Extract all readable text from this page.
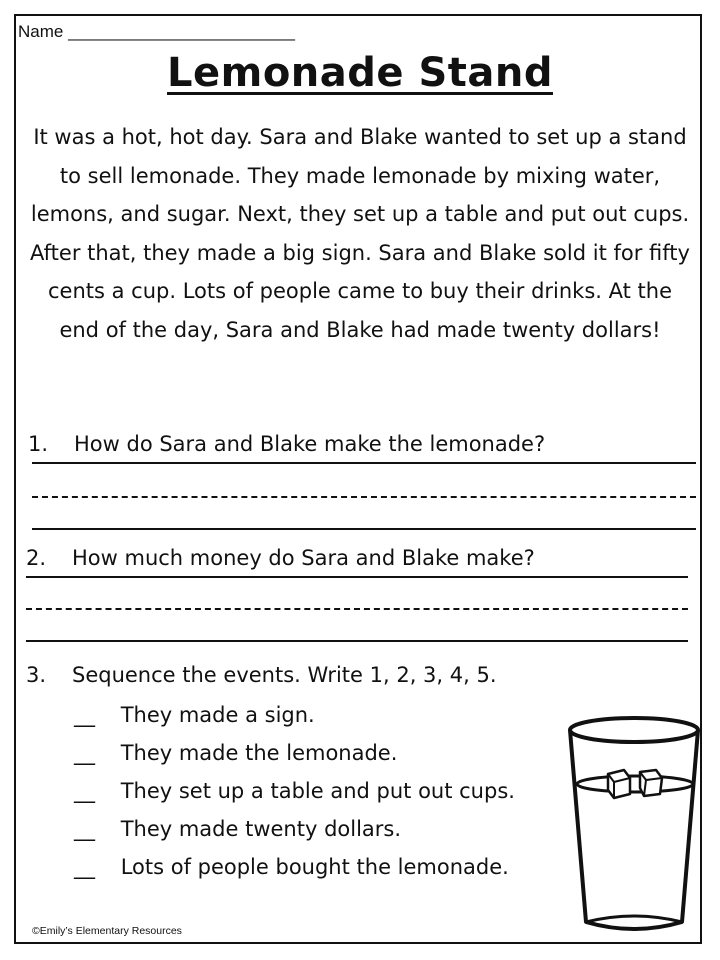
Name ________________________
Lemonade Stand
It was a hot, hot day. Sara and Blake wanted to set up a stand to sell lemonade. They made lemonade by mixing water, lemons, and sugar. Next, they set up a table and put out cups. After that, they made a big sign. Sara and Blake sold it for fifty cents a cup. Lots of people came to buy their drinks. At the end of the day, Sara and Blake had made twenty dollars!
1. How do Sara and Blake make the lemonade?
2. How much money do Sara and Blake make?
3. Sequence the events. Write 1, 2, 3, 4, 5.
__ They made a sign.
__ They made the lemonade.
__ They set up a table and put out cups.
__ They made twenty dollars.
__ Lots of people bought the lemonade.
©Emily’s Elementary Resources
